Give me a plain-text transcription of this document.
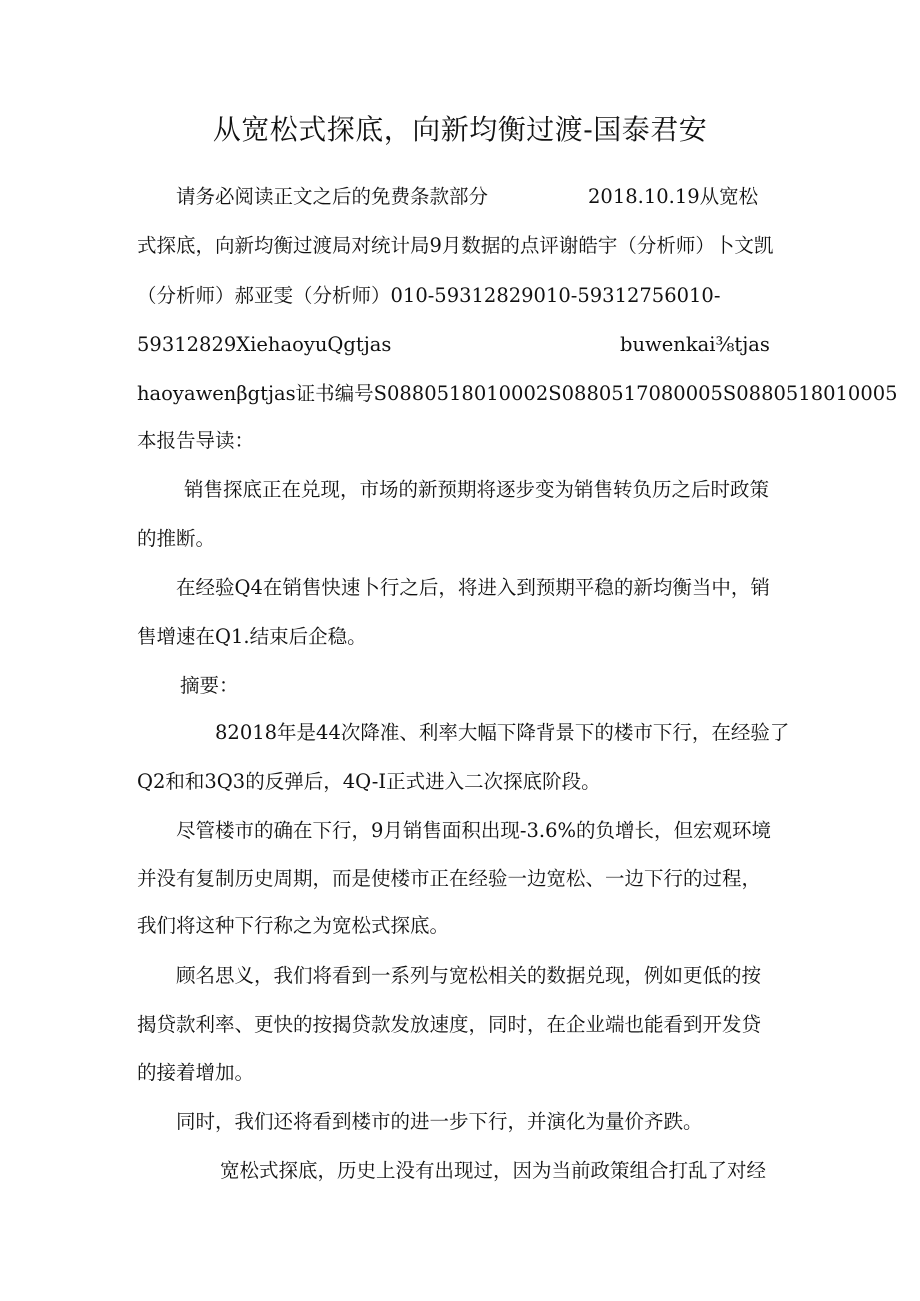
从宽松式探底，向新均衡过渡-国泰君安
请务必阅读正文之后的免费条款部分	2018.10.19从宽松
式探底，向新均衡过渡局对统计局9月数据的点评谢皓宇（分析师）卜文凯
（分析师）郝亚雯（分析师）010-59312829010-59312756010-
59312829XiehaoyuQgtjas	buwenkai⅜tjas
haoyawenβgtjas证书编号S0880518010002S0880517080005S0880518010005
本报告导读：
销售探底正在兑现，市场的新预期将逐步变为销售转负历之后时政策
的推断。
在经验Q4在销售快速卜行之后，将进入到预期平稳的新均衡当中，销
售增速在Q1.结束后企稳。
摘要：
82018年是44次降准、利率大幅下降背景下的楼市下行，在经验了
Q2和和3Q3的反弹后，4Q-I正式进入二次探底阶段。
尽管楼市的确在下行，9月销售面积出现-3.6%的负增长，但宏观环境
并没有复制历史周期，而是使楼市正在经验一边宽松、一边下行的过程，
我们将这种下行称之为宽松式探底。
顾名思义，我们将看到一系列与宽松相关的数据兑现，例如更低的按
揭贷款利率、更快的按揭贷款发放速度，同时，在企业端也能看到开发贷
的接着增加。
同时，我们还将看到楼市的进一步下行，并演化为量价齐跌。
宽松式探底，历史上没有出现过，因为当前政策组合打乱了对经
